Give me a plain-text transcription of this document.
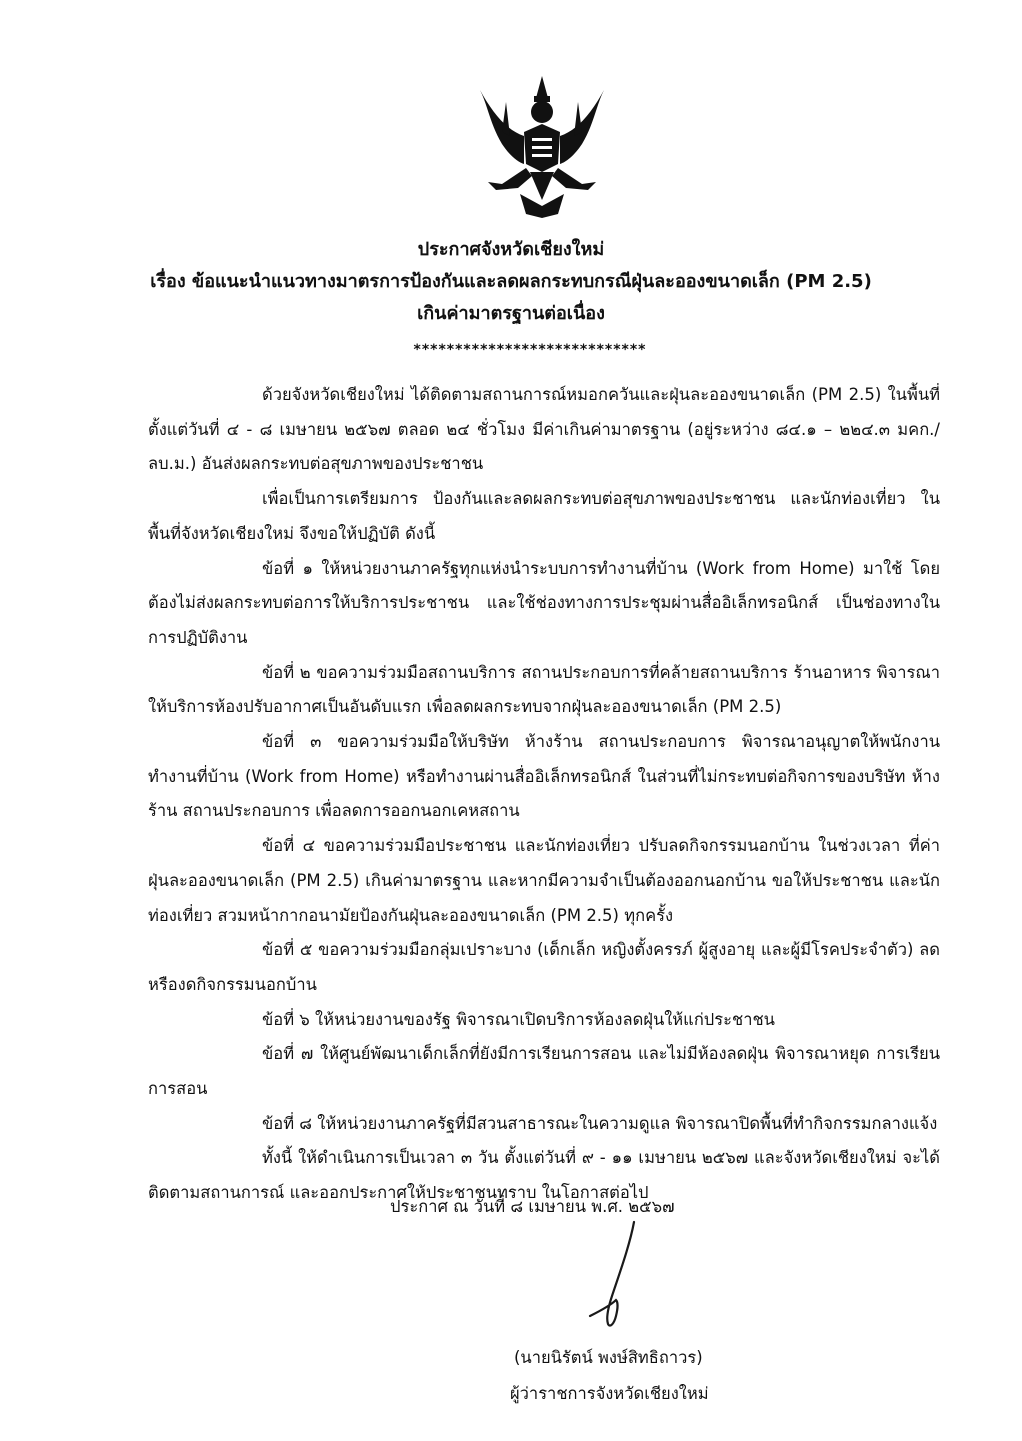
ประกาศจังหวัดเชียงใหม่
เรื่อง ข้อแนะนำแนวทางมาตรการป้องกันและลดผลกระทบกรณีฝุ่นละอองขนาดเล็ก (PM 2.5)
เกินค่ามาตรฐานต่อเนื่อง
****************************

ด้วยจังหวัดเชียงใหม่ ได้ติดตามสถานการณ์หมอกควันและฝุ่นละอองขนาดเล็ก (PM 2.5) ในพื้นที่ ตั้งแต่วันที่ ๔ - ๘ เมษายน ๒๕๖๗ ตลอด ๒๔ ชั่วโมง มีค่าเกินค่ามาตรฐาน (อยู่ระหว่าง ๘๔.๑ – ๒๒๔.๓ มคก./ลบ.ม.) อันส่งผลกระทบต่อสุขภาพของประชาชน

เพื่อเป็นการเตรียมการ ป้องกันและลดผลกระทบต่อสุขภาพของประชาชน และนักท่องเที่ยว ในพื้นที่จังหวัดเชียงใหม่ จึงขอให้ปฏิบัติ ดังนี้

ข้อที่ ๑ ให้หน่วยงานภาครัฐทุกแห่งนำระบบการทำงานที่บ้าน (Work from Home) มาใช้ โดยต้องไม่ส่งผลกระทบต่อการให้บริการประชาชน และใช้ช่องทางการประชุมผ่านสื่ออิเล็กทรอนิกส์ เป็นช่องทางในการปฏิบัติงาน

ข้อที่ ๒ ขอความร่วมมือสถานบริการ สถานประกอบการที่คล้ายสถานบริการ ร้านอาหาร พิจารณาให้บริการห้องปรับอากาศเป็นอันดับแรก เพื่อลดผลกระทบจากฝุ่นละอองขนาดเล็ก (PM 2.5)

ข้อที่ ๓ ขอความร่วมมือให้บริษัท ห้างร้าน สถานประกอบการ พิจารณาอนุญาตให้พนักงาน ทำงานที่บ้าน (Work from Home) หรือทำงานผ่านสื่ออิเล็กทรอนิกส์ ในส่วนที่ไม่กระทบต่อกิจการของบริษัท ห้างร้าน สถานประกอบการ เพื่อลดการออกนอกเคหสถาน

ข้อที่ ๔ ขอความร่วมมือประชาชน และนักท่องเที่ยว ปรับลดกิจกรรมนอกบ้าน ในช่วงเวลา ที่ค่าฝุ่นละอองขนาดเล็ก (PM 2.5) เกินค่ามาตรฐาน และหากมีความจำเป็นต้องออกนอกบ้าน ขอให้ประชาชน และนักท่องเที่ยว สวมหน้ากากอนามัยป้องกันฝุ่นละอองขนาดเล็ก (PM 2.5) ทุกครั้ง

ข้อที่ ๕ ขอความร่วมมือกลุ่มเปราะบาง (เด็กเล็ก หญิงตั้งครรภ์ ผู้สูงอายุ และผู้มีโรคประจำตัว) ลดหรืองดกิจกรรมนอกบ้าน

ข้อที่ ๖ ให้หน่วยงานของรัฐ พิจารณาเปิดบริการห้องลดฝุ่นให้แก่ประชาชน

ข้อที่ ๗ ให้ศูนย์พัฒนาเด็กเล็กที่ยังมีการเรียนการสอน และไม่มีห้องลดฝุ่น พิจารณาหยุด การเรียนการสอน

ข้อที่ ๘ ให้หน่วยงานภาครัฐที่มีสวนสาธารณะในความดูแล พิจารณาปิดพื้นที่ทำกิจกรรมกลางแจ้ง

ทั้งนี้ ให้ดำเนินการเป็นเวลา ๓ วัน ตั้งแต่วันที่ ๙ - ๑๑ เมษายน ๒๕๖๗ และจังหวัดเชียงใหม่ จะได้ติดตามสถานการณ์ และออกประกาศให้ประชาชนทราบ ในโอกาสต่อไป

ประกาศ ณ วันที่ ๘ เมษายน พ.ศ. ๒๕๖๗
(นายนิรัตน์ พงษ์สิทธิถาวร)
ผู้ว่าราชการจังหวัดเชียงใหม่
